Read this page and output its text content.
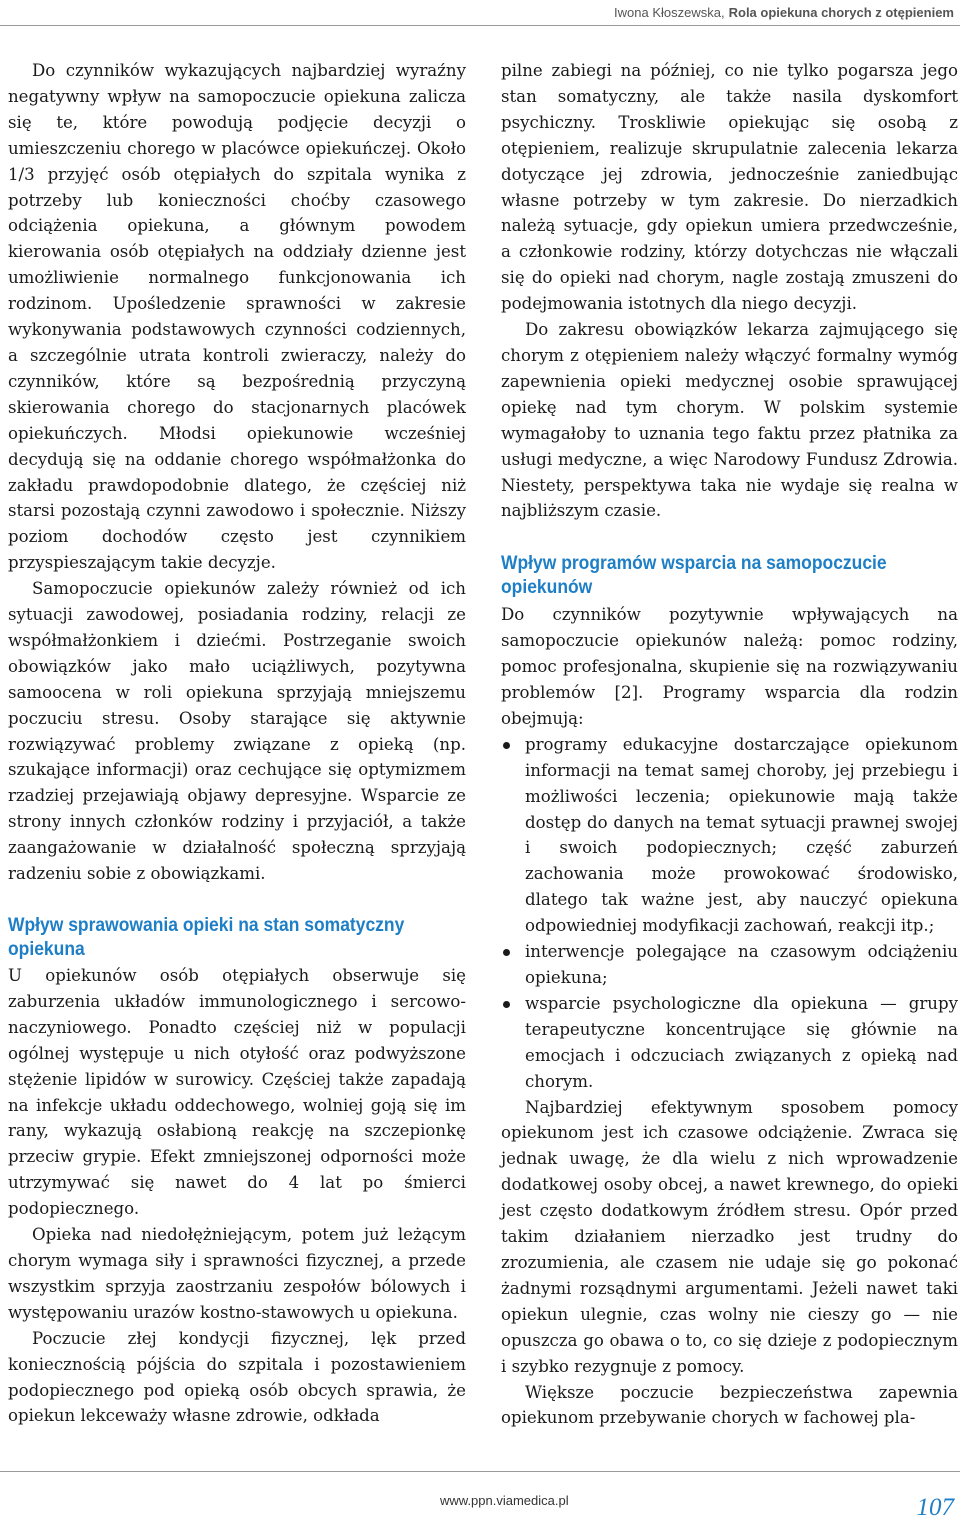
Iwona Kłoszewska, Rola opiekuna chorych z otępieniem

Do czynników wykazujących najbardziej wyraźny negatywny wpływ na samopoczucie opiekuna zalicza się te, które powodują podjęcie decyzji o umieszczeniu chorego w placówce opiekuńczej. Około 1/3 przyjęć osób otępiałych do szpitala wynika z potrzeby lub konieczności choćby czasowego odciążenia opiekuna, a głównym powodem kierowania osób otępiałych na oddziały dzienne jest umożliwienie normalnego funkcjonowania ich rodzinom. Upośledzenie sprawności w zakresie wykonywania podstawowych czynności codziennych, a szczególnie utrata kontroli zwieraczy, należy do czynników, które są bezpośrednią przyczyną skierowania chorego do stacjonarnych placówek opiekuńczych. Młodsi opiekunowie wcześniej decydują się na oddanie chorego współmałżonka do zakładu prawdopodobnie dlatego, że częściej niż starsi pozostają czynni zawodowo i społecznie. Niższy poziom dochodów często jest czynnikiem przyspieszającym takie decyzje.

Samopoczucie opiekunów zależy również od ich sytuacji zawodowej, posiadania rodziny, relacji ze współmałżonkiem i dziećmi. Postrzeganie swoich obowiązków jako mało uciążliwych, pozytywna samoocena w roli opiekuna sprzyjają mniejszemu poczuciu stresu. Osoby starające się aktywnie rozwiązywać problemy związane z opieką (np. szukające informacji) oraz cechujące się optymizmem rzadziej przejawiają objawy depresyjne. Wsparcie ze strony innych członków rodziny i przyjaciół, a także zaangażowanie w działalność społeczną sprzyjają radzeniu sobie z obowiązkami.

Wpływ sprawowania opieki na stan somatyczny opiekuna

U opiekunów osób otępiałych obserwuje się zaburzenia układów immunologicznego i sercowo-naczyniowego. Ponadto częściej niż w populacji ogólnej występuje u nich otyłość oraz podwyższone stężenie lipidów w surowicy. Częściej także zapadają na infekcje układu oddechowego, wolniej goją się im rany, wykazują osłabioną reakcję na szczepionkę przeciw grypie. Efekt zmniejszonej odporności może utrzymywać się nawet do 4 lat po śmierci podopiecznego.

Opieka nad niedołężniejącym, potem już leżącym chorym wymaga siły i sprawności fizycznej, a przede wszystkim sprzyja zaostrzaniu zespołów bólowych i występowaniu urazów kostno-stawowych u opiekuna.

Poczucie złej kondycji fizycznej, lęk przed koniecznością pójścia do szpitala i pozostawieniem podopiecznego pod opieką osób obcych sprawia, że opiekun lekceważy własne zdrowie, odkłada

pilne zabiegi na później, co nie tylko pogarsza jego stan somatyczny, ale także nasila dyskomfort psychiczny. Troskliwie opiekując się osobą z otępieniem, realizuje skrupulatnie zalecenia lekarza dotyczące jej zdrowia, jednocześnie zaniedbując własne potrzeby w tym zakresie. Do nierzadkich należą sytuacje, gdy opiekun umiera przedwcześnie, a członkowie rodziny, którzy dotychczas nie włączali się do opieki nad chorym, nagle zostają zmuszeni do podejmowania istotnych dla niego decyzji.

Do zakresu obowiązków lekarza zajmującego się chorym z otępieniem należy włączyć formalny wymóg zapewnienia opieki medycznej osobie sprawującej opiekę nad tym chorym. W polskim systemie wymagałoby to uznania tego faktu przez płatnika za usługi medyczne, a więc Narodowy Fundusz Zdrowia. Niestety, perspektywa taka nie wydaje się realna w najbliższym czasie.

Wpływ programów wsparcia na samopoczucie opiekunów

Do czynników pozytywnie wpływających na samopoczucie opiekunów należą: pomoc rodziny, pomoc profesjonalna, skupienie się na rozwiązywaniu problemów [2]. Programy wsparcia dla rodzin obejmują:

programy edukacyjne dostarczające opiekunom informacji na temat samej choroby, jej przebiegu i możliwości leczenia; opiekunowie mają także dostęp do danych na temat sytuacji prawnej swojej i swoich podopiecznych; część zaburzeń zachowania może prowokować środowisko, dlatego tak ważne jest, aby nauczyć opiekuna odpowiedniej modyfikacji zachowań, reakcji itp.;
interwencje polegające na czasowym odciążeniu opiekuna;
wsparcie psychologiczne dla opiekuna — grupy terapeutyczne koncentrujące się głównie na emocjach i odczuciach związanych z opieką nad chorym.

Najbardziej efektywnym sposobem pomocy opiekunom jest ich czasowe odciążenie. Zwraca się jednak uwagę, że dla wielu z nich wprowadzenie dodatkowej osoby obcej, a nawet krewnego, do opieki jest często dodatkowym źródłem stresu. Opór przed takim działaniem nierzadko jest trudny do zrozumienia, ale czasem nie udaje się go pokonać żadnymi rozsądnymi argumentami. Jeżeli nawet taki opiekun ulegnie, czas wolny nie cieszy go — nie opuszcza go obawa o to, co się dzieje z podopiecznym i szybko rezygnuje z pomocy.

Większe poczucie bezpieczeństwa zapewnia opiekunom przebywanie chorych w fachowej pla-

www.ppn.viamedica.pl	107
